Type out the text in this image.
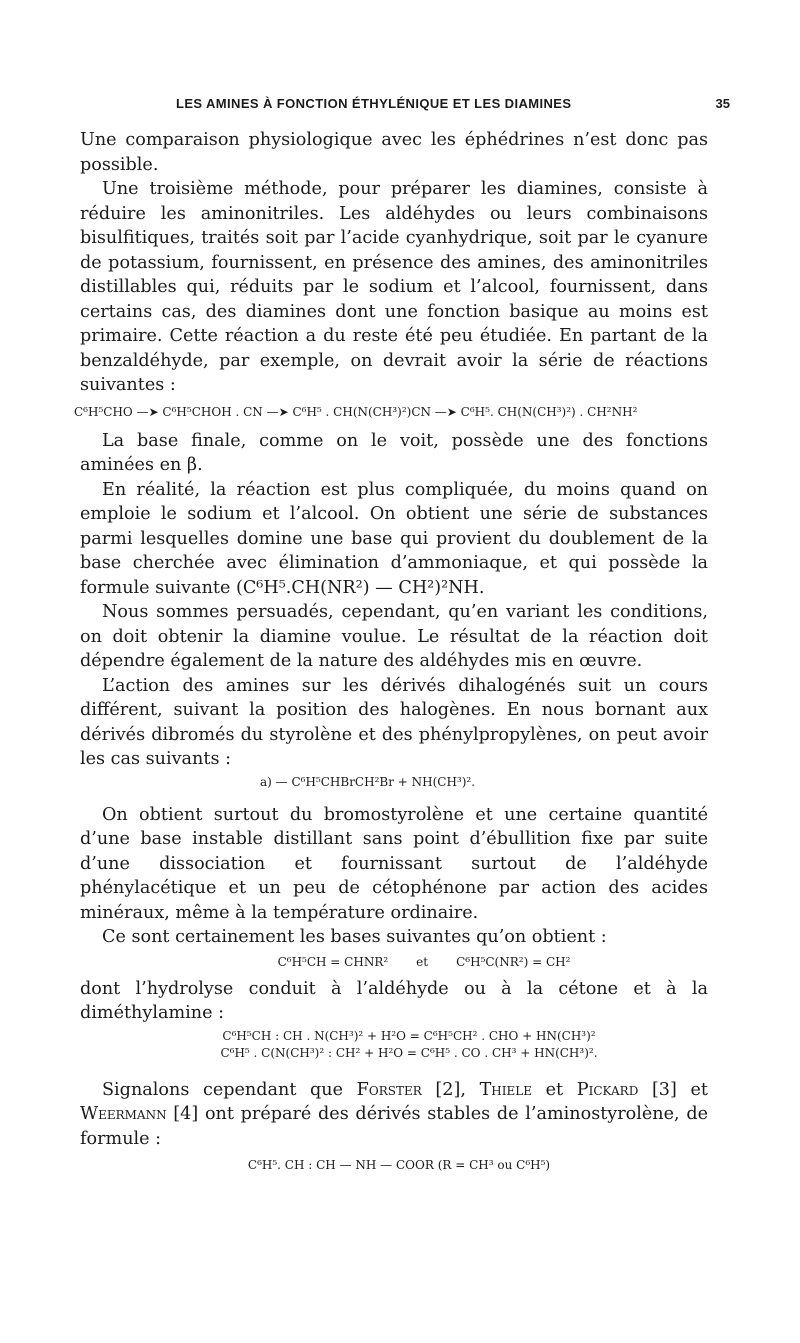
LES AMINES À FONCTION ÉTHYLÉNIQUE ET LES DIAMINES	35

Une comparaison physiologique avec les éphédrines n’est donc pas possible.

Une troisième méthode, pour préparer les diamines, consiste à réduire les aminonitriles. Les aldéhydes ou leurs combinaisons bisulfitiques, traités soit par l’acide cyanhydrique, soit par le cyanure de potassium, fournissent, en présence des amines, des aminonitriles distillables qui, réduits par le sodium et l’alcool, fournissent, dans certains cas, des diamines dont une fonction basique au moins est primaire. Cette réaction a du reste été peu étudiée. En partant de la benzaldéhyde, par exemple, on devrait avoir la série de réactions suivantes :

C⁶H⁵CHO —➤ C⁶H⁵CHOH . CN —➤ C⁶H⁵ . CH(N(CH³)²)CN —➤ C⁶H⁵. CH(N(CH³)²) . CH²NH²

La base finale, comme on le voit, possède une des fonctions aminées en β.

En réalité, la réaction est plus compliquée, du moins quand on emploie le sodium et l’alcool. On obtient une série de substances parmi lesquelles domine une base qui provient du doublement de la base cherchée avec élimination d’ammoniaque, et qui possède la formule suivante (C⁶H⁵.CH(NR²) — CH²)²NH.

Nous sommes persuadés, cependant, qu’en variant les conditions, on doit obtenir la diamine voulue. Le résultat de la réaction doit dépendre également de la nature des aldéhydes mis en œuvre.

L’action des amines sur les dérivés dihalogénés suit un cours différent, suivant la position des halogènes. En nous bornant aux dérivés dibromés du styrolène et des phénylpropylènes, on peut avoir les cas suivants :

a) — C⁶H⁵CHBrCH²Br + NH(CH³)².

On obtient surtout du bromostyrolène et une certaine quantité d’une base instable distillant sans point d’ébullition fixe par suite d’une dissociation et fournissant surtout de l’aldéhyde phénylacétique et un peu de cétophénone par action des acides minéraux, même à la température ordinaire.

Ce sont certainement les bases suivantes qu’on obtient :

C⁶H⁵CH = CHNR² et C⁶H⁵C(NR²) = CH²

dont l’hydrolyse conduit à l’aldéhyde ou à la cétone et à la diméthylamine :

C⁶H⁵CH : CH . N(CH³)² + H²O = C⁶H⁵CH² . CHO + HN(CH³)²
C⁶H⁵ . C(N(CH³)² : CH² + H²O = C⁶H⁵ . CO . CH³ + HN(CH³)².

Signalons cependant que Forster [2], Thiele et Pickard [3] et Weermann [4] ont préparé des dérivés stables de l’aminostyrolène, de formule :

C⁶H⁵. CH : CH — NH — COOR (R = CH³ ou C⁶H⁵)
